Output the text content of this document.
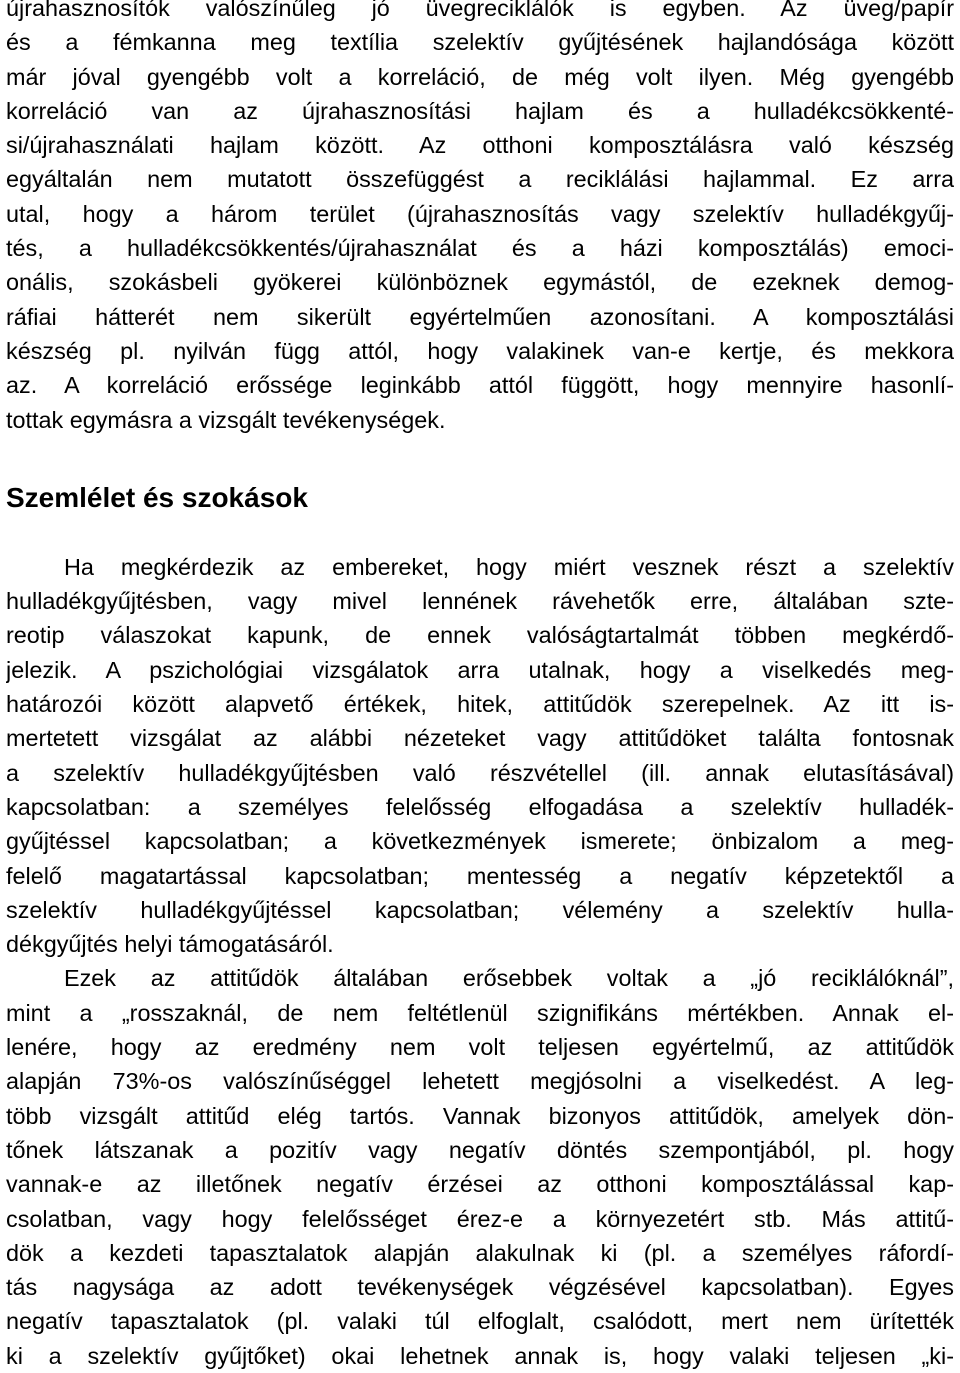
újrahasznosítók valószínűleg jó üvegreciklálók is egyben. Az üveg/papír
és a fémkanna meg textília szelektív gyűjtésének hajlandósága között
már jóval gyengébb volt a korreláció, de még volt ilyen. Még gyengébb
korreláció van az újrahasznosítási hajlam és a hulladékcsökkenté-
si/újrahasználati hajlam között. Az otthoni komposztálásra való készség
egyáltalán nem mutatott összefüggést a reciklálási hajlammal. Ez arra
utal, hogy a három terület (újrahasznosítás vagy szelektív hulladékgyűj-
tés, a hulladékcsökkentés/újrahasználat és a házi komposztálás) emoci-
onális, szokásbeli gyökerei különböznek egymástól, de ezeknek demog-
ráfiai hátterét nem sikerült egyértelműen azonosítani. A komposztálási
készség pl. nyilván függ attól, hogy valakinek van-e kertje, és mekkora
az. A korreláció erőssége leginkább attól függött, hogy mennyire hasonlí-
tottak egymásra a vizsgált tevékenységek.
Szemlélet és szokások
Ha megkérdezik az embereket, hogy miért vesznek részt a szelektív
hulladékgyűjtésben, vagy mivel lennének rávehetők erre, általában szte-
reotip válaszokat kapunk, de ennek valóságtartalmát többen megkérdő-
jelezik. A pszichológiai vizsgálatok arra utalnak, hogy a viselkedés meg-
határozói között alapvető értékek, hitek, attitűdök szerepelnek. Az itt is-
mertetett vizsgálat az alábbi nézeteket vagy attitűdöket találta fontosnak
a szelektív hulladékgyűjtésben való részvétellel (ill. annak elutasításával)
kapcsolatban: a személyes felelősség elfogadása a szelektív hulladék-
gyűjtéssel kapcsolatban; a következmények ismerete; önbizalom a meg-
felelő magatartással kapcsolatban; mentesség a negatív képzetektől a
szelektív hulladékgyűjtéssel kapcsolatban; vélemény a szelektív hulla-
dékgyűjtés helyi támogatásáról.
Ezek az attitűdök általában erősebbek voltak a „jó reciklálóknál”,
mint a „rosszaknál, de nem feltétlenül szignifikáns mértékben. Annak el-
lenére, hogy az eredmény nem volt teljesen egyértelmű, az attitűdök
alapján 73%-os valószínűséggel lehetett megjósolni a viselkedést. A leg-
több vizsgált attitűd elég tartós. Vannak bizonyos attitűdök, amelyek dön-
tőnek látszanak a pozitív vagy negatív döntés szempontjából, pl. hogy
vannak-e az illetőnek negatív érzései az otthoni komposztálással kap-
csolatban, vagy hogy felelősséget érez-e a környezetért stb. Más attitű-
dök a kezdeti tapasztalatok alapján alakulnak ki (pl. a személyes ráfordí-
tás nagysága az adott tevékenységek végzésével kapcsolatban). Egyes
negatív tapasztalatok (pl. valaki túl elfoglalt, csalódott, mert nem ürítették
ki a szelektív gyűjtőket) okai lehetnek annak is, hogy valaki teljesen „ki-
